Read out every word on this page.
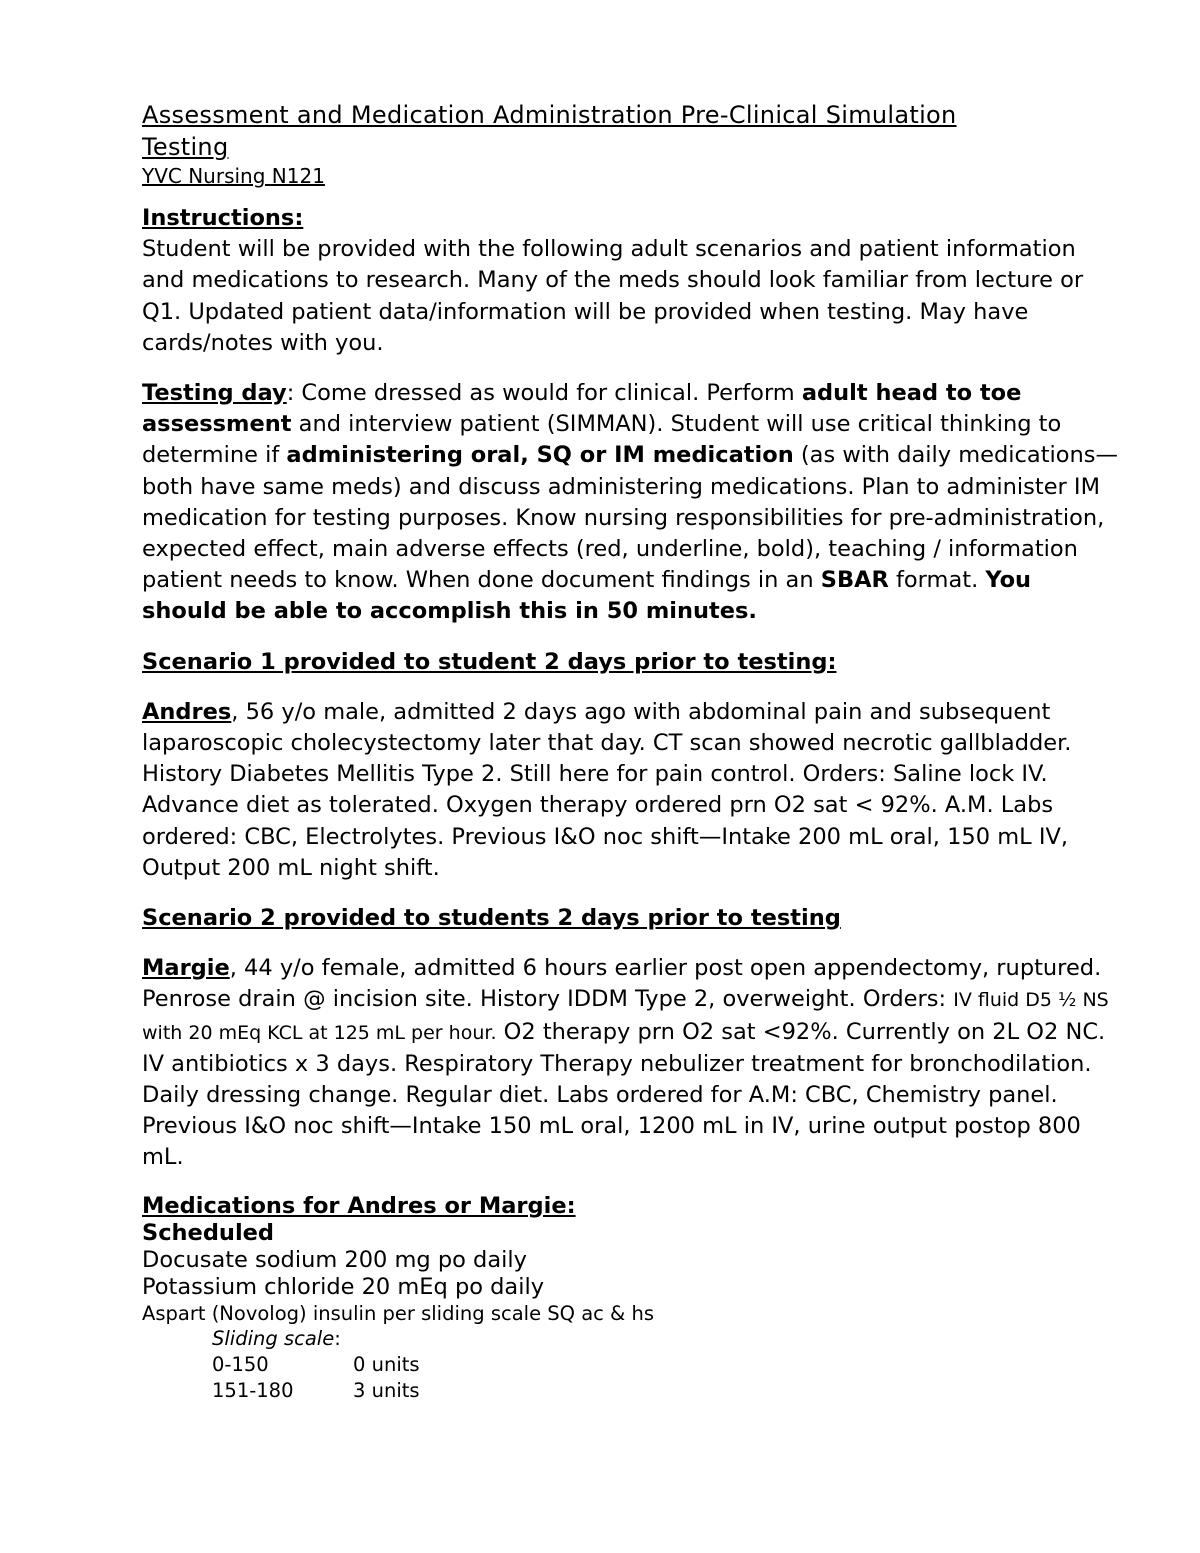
Assessment and Medication Administration Pre-Clinical Simulation
Testing
YVC Nursing N121
Instructions:
Student will be provided with the following adult scenarios and patient information and medications to research. Many of the meds should look familiar from lecture or Q1. Updated patient data/information will be provided when testing. May have cards/notes with you.
Testing day: Come dressed as would for clinical. Perform adult head to toe assessment and interview patient (SIMMAN). Student will use critical thinking to determine if administering oral, SQ or IM medication (as with daily medications—both have same meds) and discuss administering medications. Plan to administer IM medication for testing purposes. Know nursing responsibilities for pre-administration, expected effect, main adverse effects (red, underline, bold), teaching / information patient needs to know. When done document findings in an SBAR format. You should be able to accomplish this in 50 minutes.
Scenario 1 provided to student 2 days prior to testing:
Andres, 56 y/o male, admitted 2 days ago with abdominal pain and subsequent laparoscopic cholecystectomy later that day. CT scan showed necrotic gallbladder. History Diabetes Mellitis Type 2. Still here for pain control. Orders: Saline lock IV. Advance diet as tolerated. Oxygen therapy ordered prn O2 sat < 92%. A.M. Labs ordered: CBC, Electrolytes. Previous I&O noc shift—Intake 200 mL oral, 150 mL IV, Output 200 mL night shift.
Scenario 2 provided to students 2 days prior to testing
Margie, 44 y/o female, admitted 6 hours earlier post open appendectomy, ruptured. Penrose drain @ incision site. History IDDM Type 2, overweight. Orders: IV fluid D5 ½ NS with 20 mEq KCL at 125 mL per hour. O2 therapy prn O2 sat <92%. Currently on 2L O2 NC. IV antibiotics x 3 days. Respiratory Therapy nebulizer treatment for bronchodilation. Daily dressing change. Regular diet. Labs ordered for A.M: CBC, Chemistry panel. Previous I&O noc shift—Intake 150 mL oral, 1200 mL in IV, urine output postop 800 mL.
Medications for Andres or Margie:
Scheduled
Docusate sodium 200 mg po daily
Potassium chloride 20 mEq po daily
Aspart (Novolog) insulin per sliding scale SQ ac & hs
Sliding scale:
0-150	0 units
151-180	3 units
